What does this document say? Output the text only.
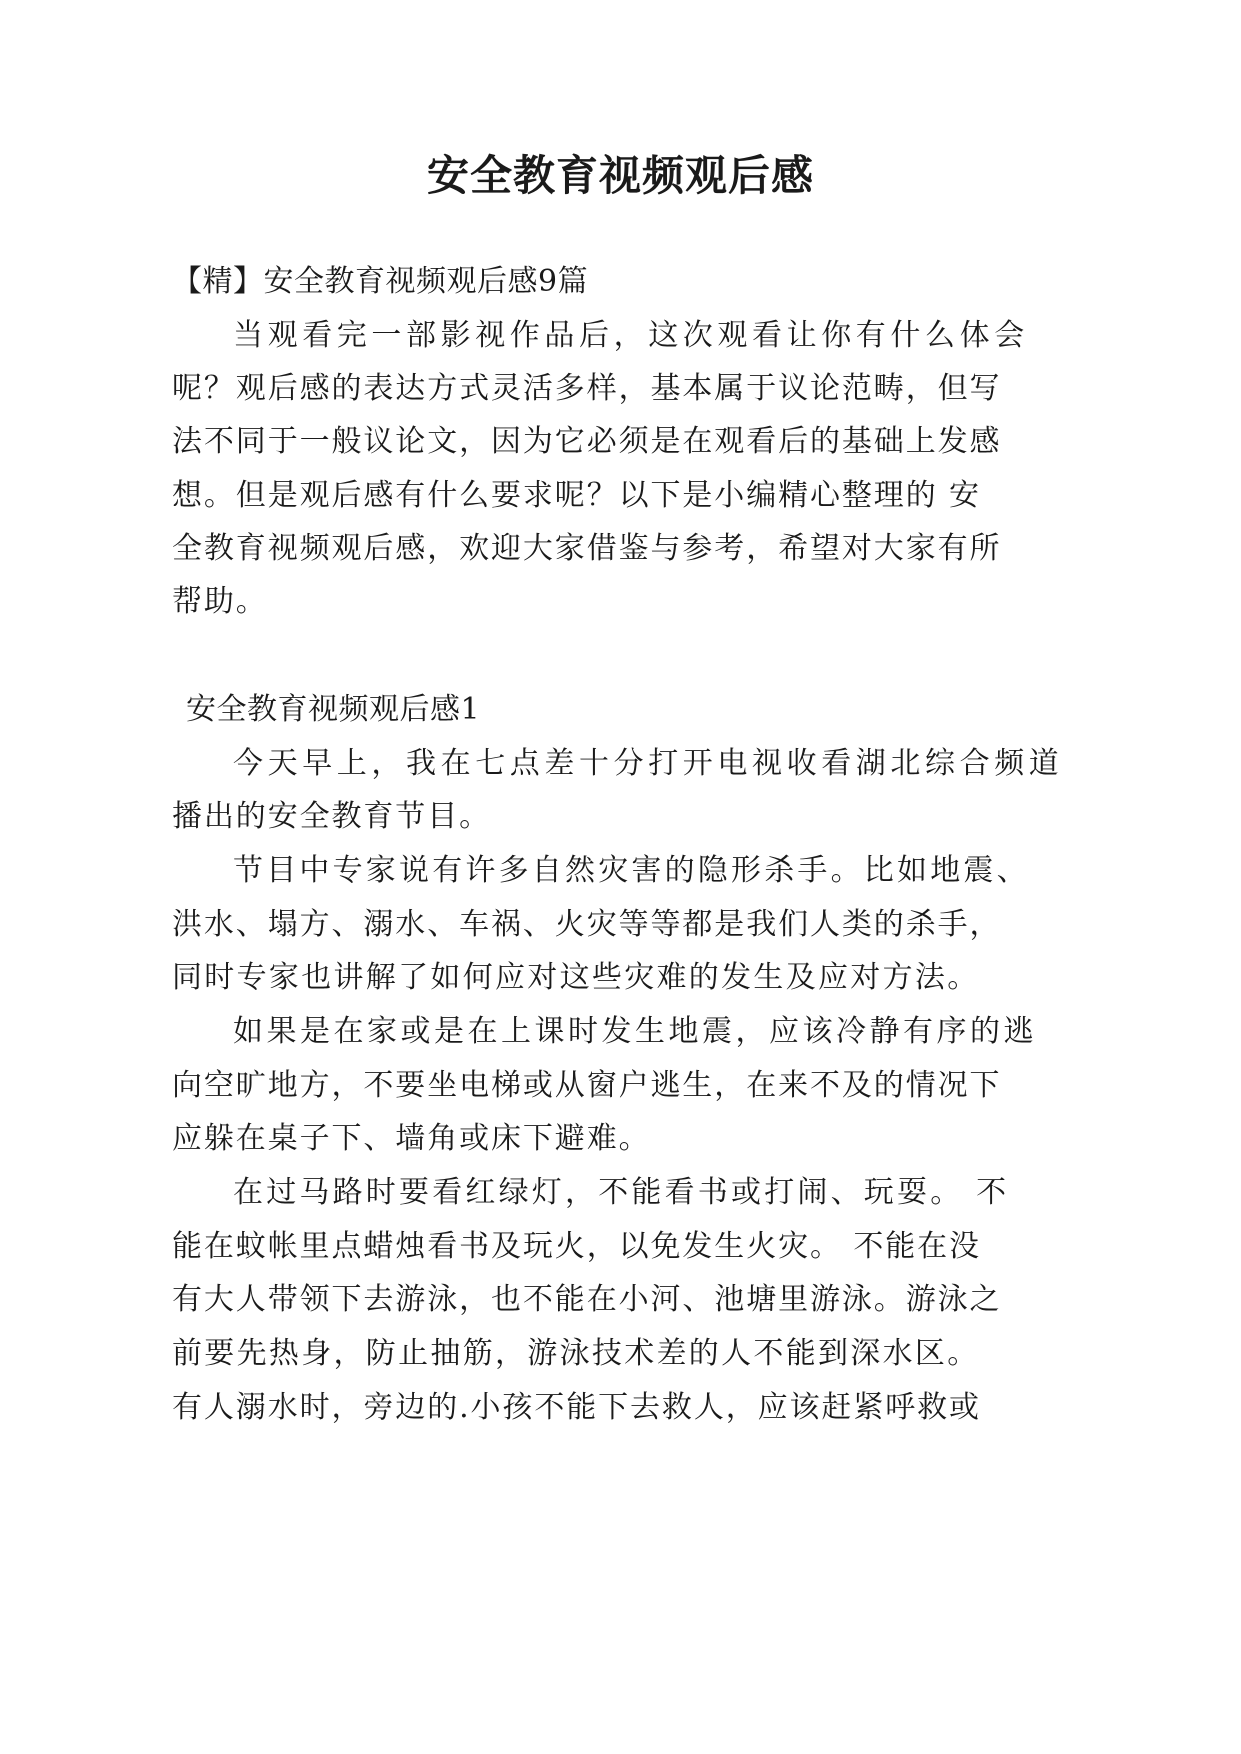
安全教育视频观后感
【精】安全教育视频观后感9篇
当观看完一部影视作品后，这次观看让你有什么体会
呢？观后感的表达方式灵活多样，基本属于议论范畴，但写
法不同于一般议论文，因为它必须是在观看后的基础上发感
想。但是观后感有什么要求呢？以下是小编精心整理的 安
全教育视频观后感，欢迎大家借鉴与参考，希望对大家有所
帮助。
安全教育视频观后感1
今天早上，我在七点差十分打开电视收看湖北综合频道
播出的安全教育节目。
节目中专家说有许多自然灾害的隐形杀手。比如地震、
洪水、塌方、溺水、车祸、火灾等等都是我们人类的杀手，
同时专家也讲解了如何应对这些灾难的发生及应对方法。
如果是在家或是在上课时发生地震，应该冷静有序的逃
向空旷地方，不要坐电梯或从窗户逃生，在来不及的情况下
应躲在桌子下、墙角或床下避难。
在过马路时要看红绿灯，不能看书或打闹、玩耍。 不
能在蚊帐里点蜡烛看书及玩火，以免发生火灾。 不能在没
有大人带领下去游泳，也不能在小河、池塘里游泳。游泳之
前要先热身，防止抽筋，游泳技术差的人不能到深水区。
有人溺水时，旁边的.小孩不能下去救人，应该赶紧呼救或
